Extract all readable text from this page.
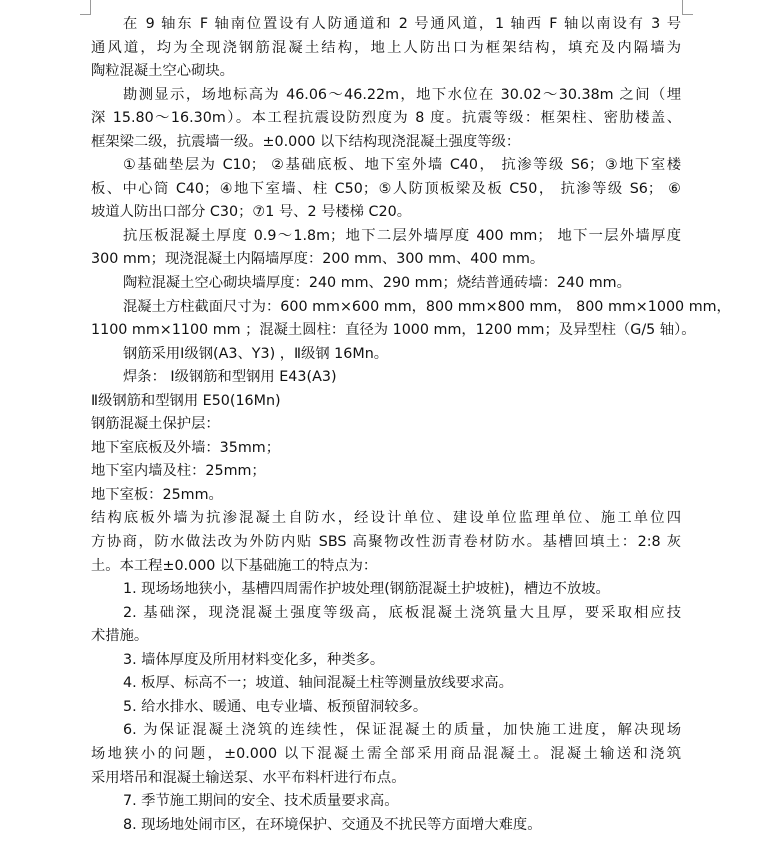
在 9 轴东 F 轴南位置设有人防通道和 2 号通风道，1 轴西 F 轴以南设有 3 号
通风道，均为全现浇钢筋混凝土结构，地上人防出口为框架结构，填充及内隔墙为
陶粒混凝土空心砌块。
勘测显示，场地标高为 46.06～46.22m，地下水位在 30.02～30.38m 之间（埋
深 15.80～16.30m）。本工程抗震设防烈度为 8 度。抗震等级：框架柱、密肋楼盖、
框架梁二级，抗震墙一级。±0.000 以下结构现浇混凝土强度等级：
①基础垫层为 C10； ②基础底板、地下室外墙 C40， 抗渗等级 S6；③地下室楼
板、中心筒 C40；④地下室墙、柱 C50；⑤人防顶板梁及板 C50， 抗渗等级 S6； ⑥
坡道人防出口部分 C30；⑦1 号、2 号楼梯 C20。
抗压板混凝土厚度 0.9～1.8m；地下二层外墙厚度 400 mm； 地下一层外墙厚度
300 mm；现浇混凝土内隔墙厚度：200 mm、300 mm、400 mm。
陶粒混凝土空心砌块墙厚度：240 mm、290 mm；烧结普通砖墙：240 mm。
混凝土方柱截面尺寸为：600 mm×600 mm，800 mm×800 mm， 800 mm×1000 mm，
1100 mm×1100 mm ；混凝土圆柱：直径为 1000 mm，1200 mm；及异型柱（G/5 轴）。
钢筋采用Ⅰ级钢(A3、Y3) ，Ⅱ级钢 16Mn。
焊条： Ⅰ级钢筋和型钢用 E43(A3)
Ⅱ级钢筋和型钢用 E50(16Mn)
钢筋混凝土保护层：
地下室底板及外墙：35mm；
地下室内墙及柱：25mm；
地下室板：25mm。
结构底板外墙为抗渗混凝土自防水，经设计单位、建设单位监理单位、施工单位四
方协商，防水做法改为外防内贴 SBS 高聚物改性沥青卷材防水。基槽回填土：2:8 灰
土。本工程±0.000 以下基础施工的特点为：
1. 现场场地狭小，基槽四周需作护坡处理(钢筋混凝土护坡桩)，槽边不放坡。
2. 基础深，现浇混凝土强度等级高，底板混凝土浇筑量大且厚，要采取相应技
术措施。
3. 墙体厚度及所用材料变化多，种类多。
4. 板厚、标高不一；坡道、轴间混凝土柱等测量放线要求高。
5. 给水排水、暖通、电专业墙、板预留洞较多。
6. 为保证混凝土浇筑的连续性，保证混凝土的质量，加快施工进度，解决现场
场地狭小的问题，±0.000 以下混凝土需全部采用商品混凝土。混凝土输送和浇筑
采用塔吊和混凝土输送泵、水平布料杆进行布点。
7. 季节施工期间的安全、技术质量要求高。
8. 现场地处闹市区，在环境保护、交通及不扰民等方面增大难度。
